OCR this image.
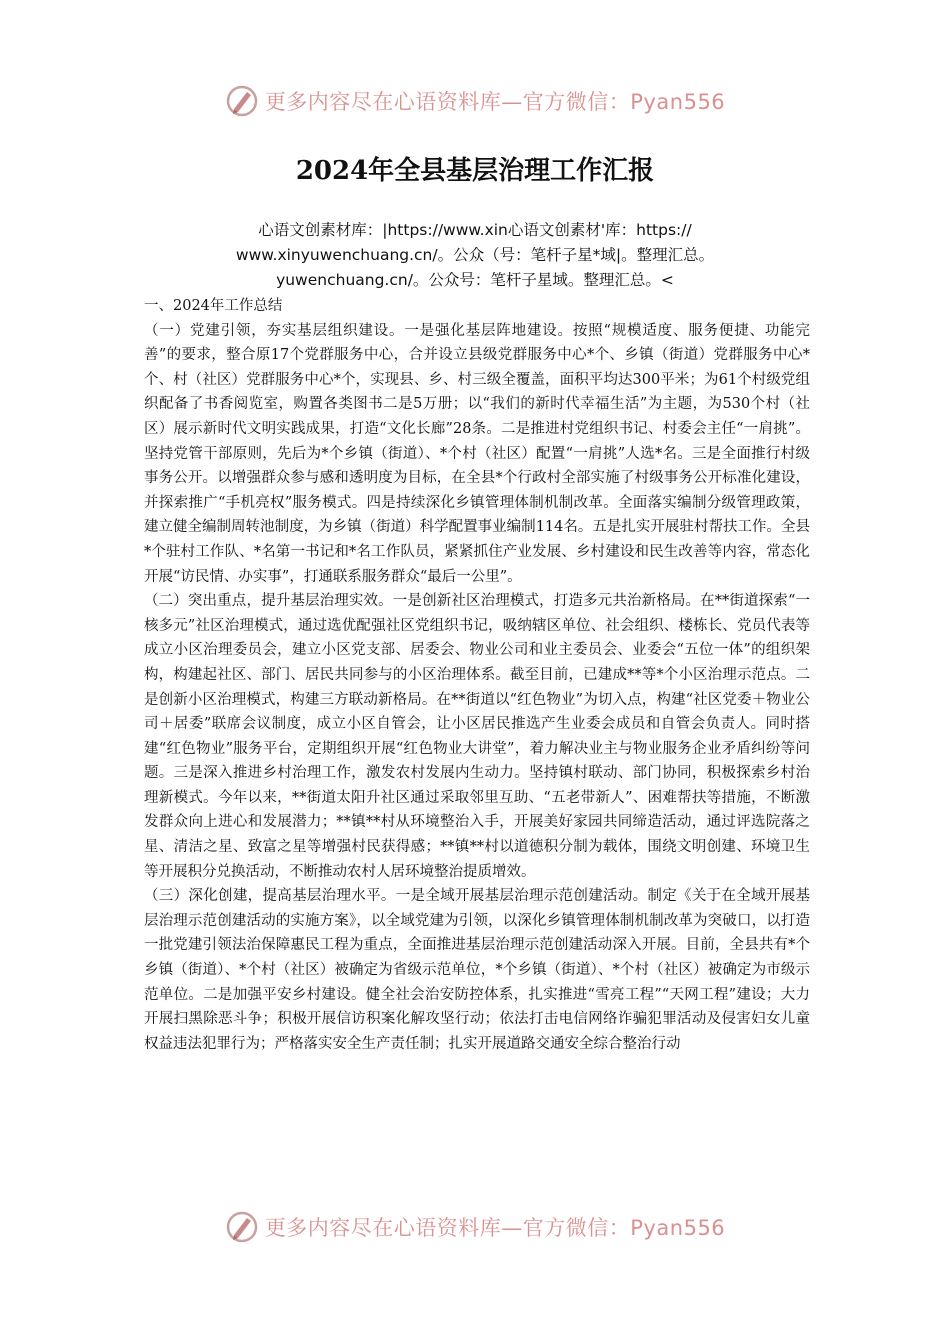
更多内容尽在心语资料库—官方微信：Pyan556
2024年全县基层治理工作汇报
心语文创素材库：|https://www.xin心语文创素材'库：https://
www.xinyuwenchuang.cn/。公众（号：笔杆子星*域|。整理汇总。
yuwenchuang.cn/。公众号：笔杆子星域。整理汇总。<

一、2024年工作总结

（一）党建引领，夯实基层组织建设。一是强化基层阵地建设。按照“规模适度、服务便捷、功能完善”的要求，整合原17个党群服务中心，合并设立县级党群服务中心*个、乡镇（街道）党群服务中心*个、村（社区）党群服务中心*个，实现县、乡、村三级全覆盖，面积平均达300平米；为61个村级党组织配备了书香阅览室，购置各类图书二是5万册；以“我们的新时代幸福生活”为主题，为530个村（社区）展示新时代文明实践成果，打造“文化长廊”28条。二是推进村党组织书记、村委会主任“一肩挑”。坚持党管干部原则，先后为*个乡镇（街道）、*个村（社区）配置“一肩挑”人选*名。三是全面推行村级事务公开。以增强群众参与感和透明度为目标，在全县*个行政村全部实施了村级事务公开标准化建设，并探索推广“手机亮权”服务模式。四是持续深化乡镇管理体制机制改革。全面落实编制分级管理政策，建立健全编制周转池制度，为乡镇（街道）科学配置事业编制114名。五是扎实开展驻村帮扶工作。全县*个驻村工作队、*名第一书记和*名工作队员，紧紧抓住产业发展、乡村建设和民生改善等内容，常态化开展“访民情、办实事”，打通联系服务群众“最后一公里”。

（二）突出重点，提升基层治理实效。一是创新社区治理模式，打造多元共治新格局。在**街道探索“一核多元”社区治理模式，通过选优配强社区党组织书记，吸纳辖区单位、社会组织、楼栋长、党员代表等成立小区治理委员会，建立小区党支部、居委会、物业公司和业主委员会、业委会“五位一体”的组织架构，构建起社区、部门、居民共同参与的小区治理体系。截至目前，已建成**等*个小区治理示范点。二是创新小区治理模式，构建三方联动新格局。在**街道以“红色物业”为切入点，构建“社区党委＋物业公司＋居委”联席会议制度，成立小区自管会，让小区居民推选产生业委会成员和自管会负责人。同时搭建“红色物业”服务平台，定期组织开展“红色物业大讲堂”，着力解决业主与物业服务企业矛盾纠纷等问题。三是深入推进乡村治理工作，激发农村发展内生动力。坚持镇村联动、部门协同，积极探索乡村治理新模式。今年以来，**街道太阳升社区通过采取邻里互助、“五老带新人”、困难帮扶等措施，不断激发群众向上进心和发展潜力；**镇**村从环境整治入手，开展美好家园共同缔造活动，通过评选院落之星、清洁之星、致富之星等增强村民获得感；**镇**村以道德积分制为载体，围绕文明创建、环境卫生等开展积分兑换活动，不断推动农村人居环境整治提质增效。

（三）深化创建，提高基层治理水平。一是全域开展基层治理示范创建活动。制定《关于在全域开展基层治理示范创建活动的实施方案》，以全域党建为引领，以深化乡镇管理体制机制改革为突破口，以打造一批党建引领法治保障惠民工程为重点，全面推进基层治理示范创建活动深入开展。目前，全县共有*个乡镇（街道）、*个村（社区）被确定为省级示范单位，*个乡镇（街道）、*个村（社区）被确定为市级示范单位。二是加强平安乡村建设。健全社会治安防控体系，扎实推进“雪亮工程”“天网工程”建设；大力开展扫黑除恶斗争；积极开展信访积案化解攻坚行动；依法打击电信网络诈骗犯罪活动及侵害妇女儿童权益违法犯罪行为；严格落实安全生产责任制；扎实开展道路交通安全综合整治行动

更多内容尽在心语资料库—官方微信：Pyan556
